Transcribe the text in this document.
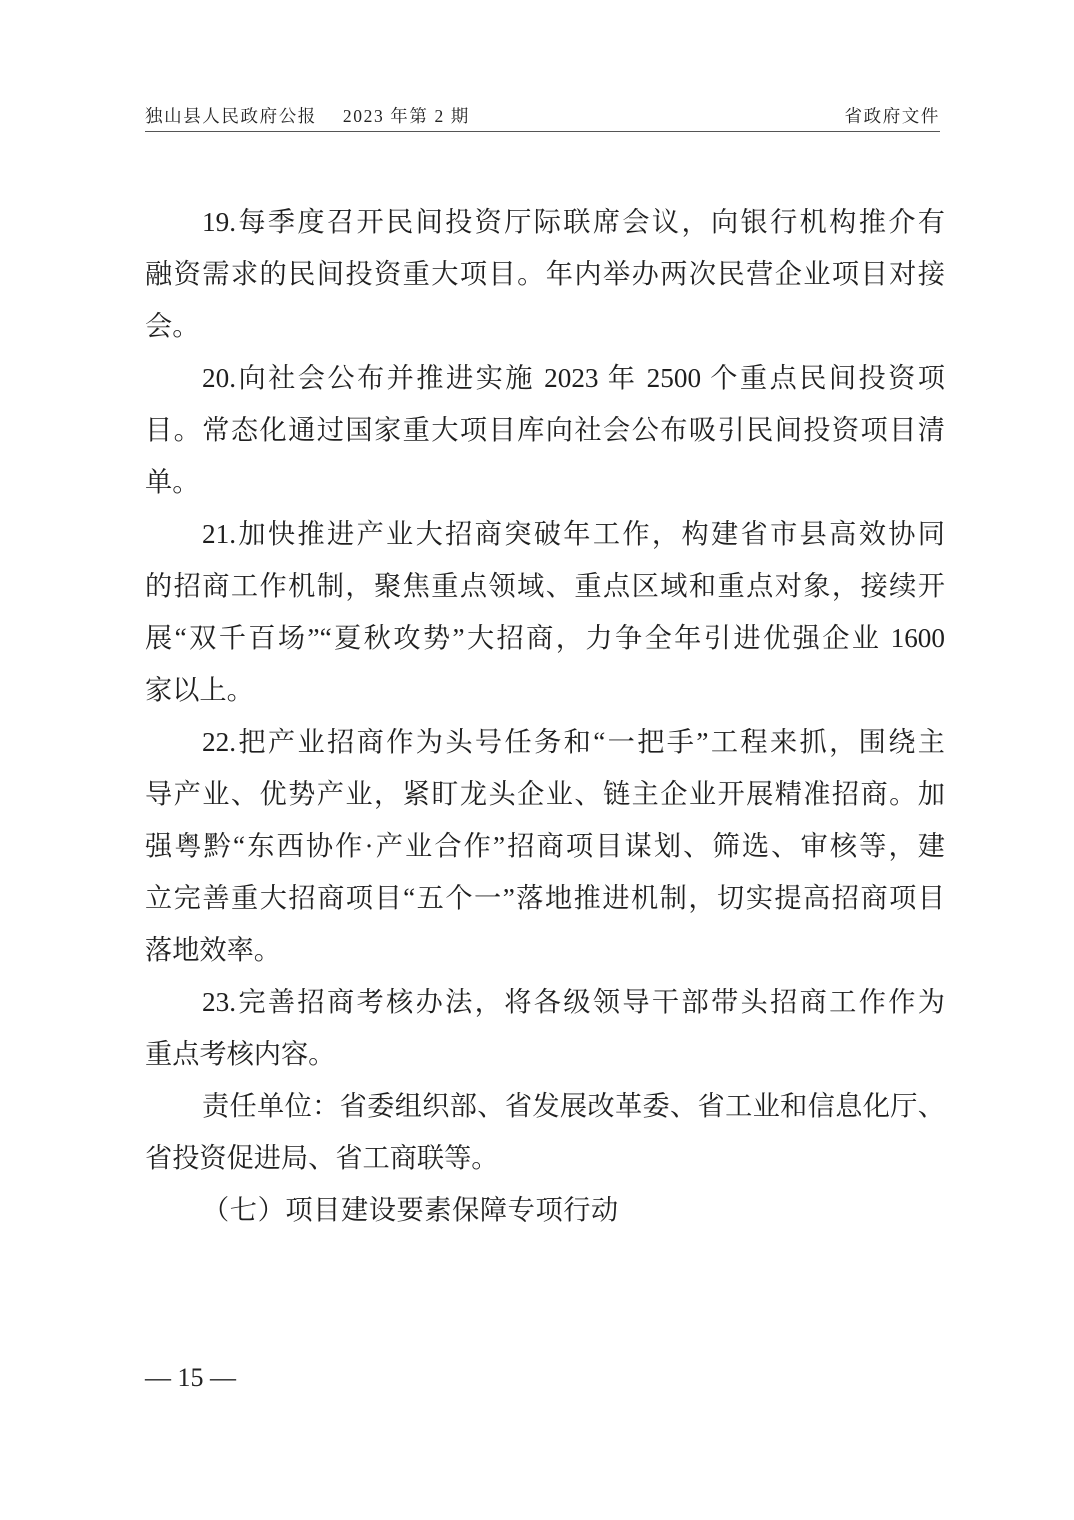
独山县人民政府公报 2023 年第 2 期	省政府文件
19.每季度召开民间投资厅际联席会议，向银行机构推介有
融资需求的民间投资重大项目。年内举办两次民营企业项目对接
会。
20.向社会公布并推进实施 2023 年 2500 个重点民间投资项
目。常态化通过国家重大项目库向社会公布吸引民间投资项目清
单。
21.加快推进产业大招商突破年工作，构建省市县高效协同
的招商工作机制，聚焦重点领域、重点区域和重点对象，接续开
展“双千百场”“夏秋攻势”大招商，力争全年引进优强企业 1600
家以上。
22.把产业招商作为头号任务和“一把手”工程来抓，围绕主
导产业、优势产业，紧盯龙头企业、链主企业开展精准招商。加
强粤黔“东西协作·产业合作”招商项目谋划、筛选、审核等，建
立完善重大招商项目“五个一”落地推进机制，切实提高招商项目
落地效率。
23.完善招商考核办法，将各级领导干部带头招商工作作为
重点考核内容。
责任单位：省委组织部、省发展改革委、省工业和信息化厅、
省投资促进局、省工商联等。
（七）项目建设要素保障专项行动
— 15 —
